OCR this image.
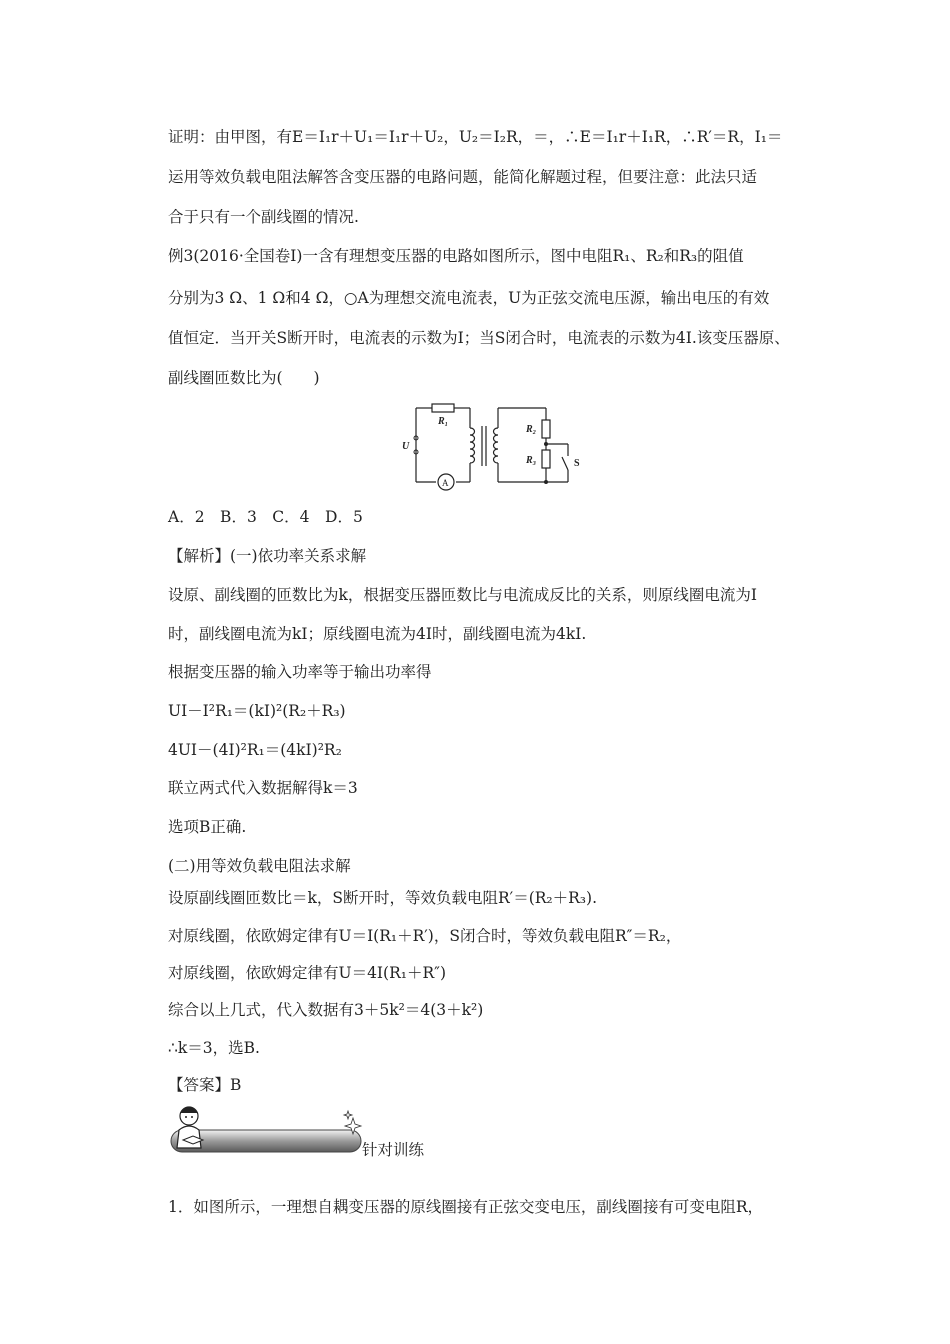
证明：由甲图，有E＝I₁r＋U₁＝I₁r＋U₂，U₂＝I₂R，＝，∴E＝I₁r＋I₁R，∴R′＝R，I₁＝
运用等效负载电阻法解答含变压器的电路问题，能简化解题过程，但要注意：此法只适
合于只有一个副线圈的情况.
例3(2016·全国卷Ⅰ)一含有理想变压器的电路如图所示，图中电阻R₁、R₂和R₃的阻值
分别为3 Ω、1 Ω和4 Ω，○A为理想交流电流表，U为正弦交流电压源，输出电压的有效
值恒定．当开关S断开时，电流表的示数为I；当S闭合时，电流表的示数为4I.该变压器原、
副线圈匝数比为(　　)
R₁
U
R₂
R₃	S
A
A．2　B．3　C．4　D．5
【解析】(一)依功率关系求解
设原、副线圈的匝数比为k，根据变压器匝数比与电流成反比的关系，则原线圈电流为I
时，副线圈电流为kI；原线圈电流为4I时，副线圈电流为4kI.
根据变压器的输入功率等于输出功率得
UI－I²R₁＝(kI)²(R₂＋R₃)
4UI－(4I)²R₁＝(4kI)²R₂
联立两式代入数据解得k＝3
选项B正确.
(二)用等效负载电阻法求解
设原副线圈匝数比＝k，S断开时，等效负载电阻R′＝(R₂＋R₃).
对原线圈，依欧姆定律有U＝I(R₁＋R′)，S闭合时，等效负载电阻R″＝R₂，
对原线圈，依欧姆定律有U＝4I(R₁＋R″)
综合以上几式，代入数据有3＋5k²＝4(3＋k²)
∴k＝3，选B.
【答案】B
针对训练
1．如图所示，一理想自耦变压器的原线圈接有正弦交变电压，副线圈接有可变电阻R，
